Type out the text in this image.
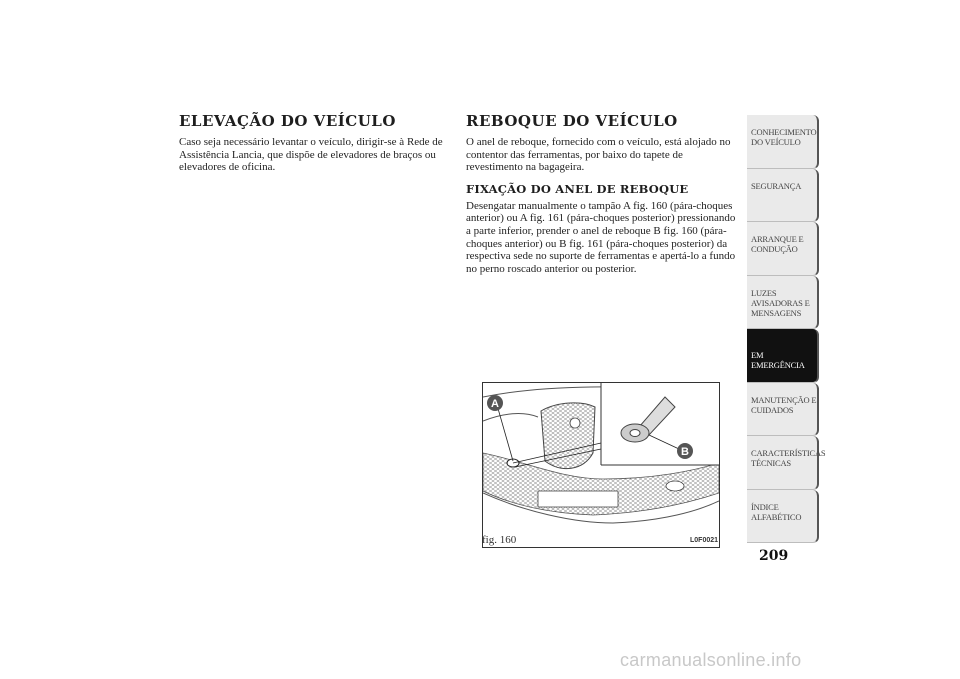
ELEVAÇÃO DO VEÍCULO

Caso seja necessário levantar o veículo, dirigir-se à Rede de Assistência Lancia, que dispõe de elevadores de braços ou elevadores de oficina.

REBOQUE DO VEÍCULO

O anel de reboque, fornecido com o veículo, está alojado no contentor das ferramentas, por baixo do tapete de revestimento na bagageira.

FIXAÇÃO DO ANEL DE REBOQUE

Desengatar manualmente o tampão A fig. 160 (pára-choques anterior) ou A fig. 161 (pára-choques posterior) pressionando a parte inferior, prender o anel de reboque B fig. 160 (pára-choques anterior) ou B fig. 161 (pára-choques posterior) da respectiva sede no suporte de ferramentas e apertá-lo a fundo no perno roscado anterior ou posterior.

A
B
fig. 160	L0F0021
CONHECIMENTO DO VEÍCULO
SEGURANÇA
ARRANQUE E CONDUÇÃO
LUZES AVISADORAS E MENSAGENS
EM EMERGÊNCIA
MANUTENÇÃO E CUIDADOS
CARACTERÍSTICAS TÉCNICAS
ÍNDICE ALFABÉTICO
209
carmanualsonline.info
